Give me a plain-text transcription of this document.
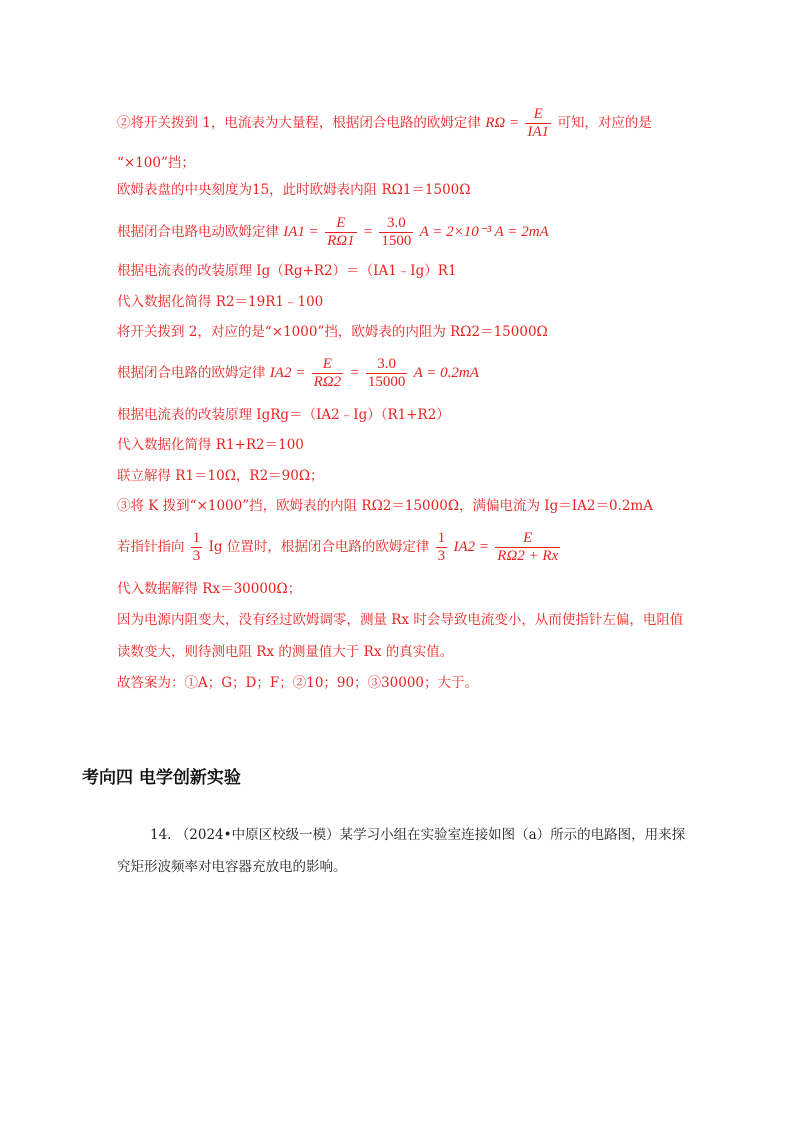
②将开关拨到 1，电流表为大量程，根据闭合电路的欧姆定律 $R\Omega = \frac{E}{IA1}$ 可知，对应的是
“×100”挡；
欧姆表盘的中央刻度为15，此时欧姆表内阻 RΩ1＝1500Ω
根据闭合电路电动欧姆定律 $IA1 = \frac{E}{R\Omega 1} = \frac{3.0}{1500}$ A = 2×10⁻³ A = 2mA
根据电流表的改装原理 Ig（Rg+R2）＝（IA1﹣Ig）R1
代入数据化简得 R2＝19R1﹣100
将开关拨到 2，对应的是“×1000”挡，欧姆表的内阻为 RΩ2＝15000Ω
根据闭合电路的欧姆定律 $IA2 = \frac{E}{R\Omega 2} = \frac{3.0}{15000}$ A = 0.2mA
根据电流表的改装原理 IgRg＝（IA2﹣Ig）（R1+R2）
代入数据化简得 R1+R2＝100
联立解得 R1＝10Ω，R2＝90Ω；
③将 K 拨到“×1000”挡，欧姆表的内阻 RΩ2＝15000Ω，满偏电流为 Ig＝IA2＝0.2mA
若指针指向 $\frac{1}{3}$ Ig 位置时，根据闭合电路的欧姆定律 $\frac{1}{3} IA2 = \frac{E}{R\Omega 2 + Rx}$
代入数据解得 Rx＝30000Ω；
因为电源内阻变大，没有经过欧姆调零，测量 Rx 时会导致电流变小，从而使指针左偏，电阻值
读数变大，则待测电阻 Rx 的测量值大于 Rx 的真实值。
故答案为：①A；G；D；F；②10；90；③30000；大于。
考向四 电学创新实验
14. （2024•中原区校级一模）某学习小组在实验室连接如图（a）所示的电路图，用来探
究矩形波频率对电容器充放电的影响。
